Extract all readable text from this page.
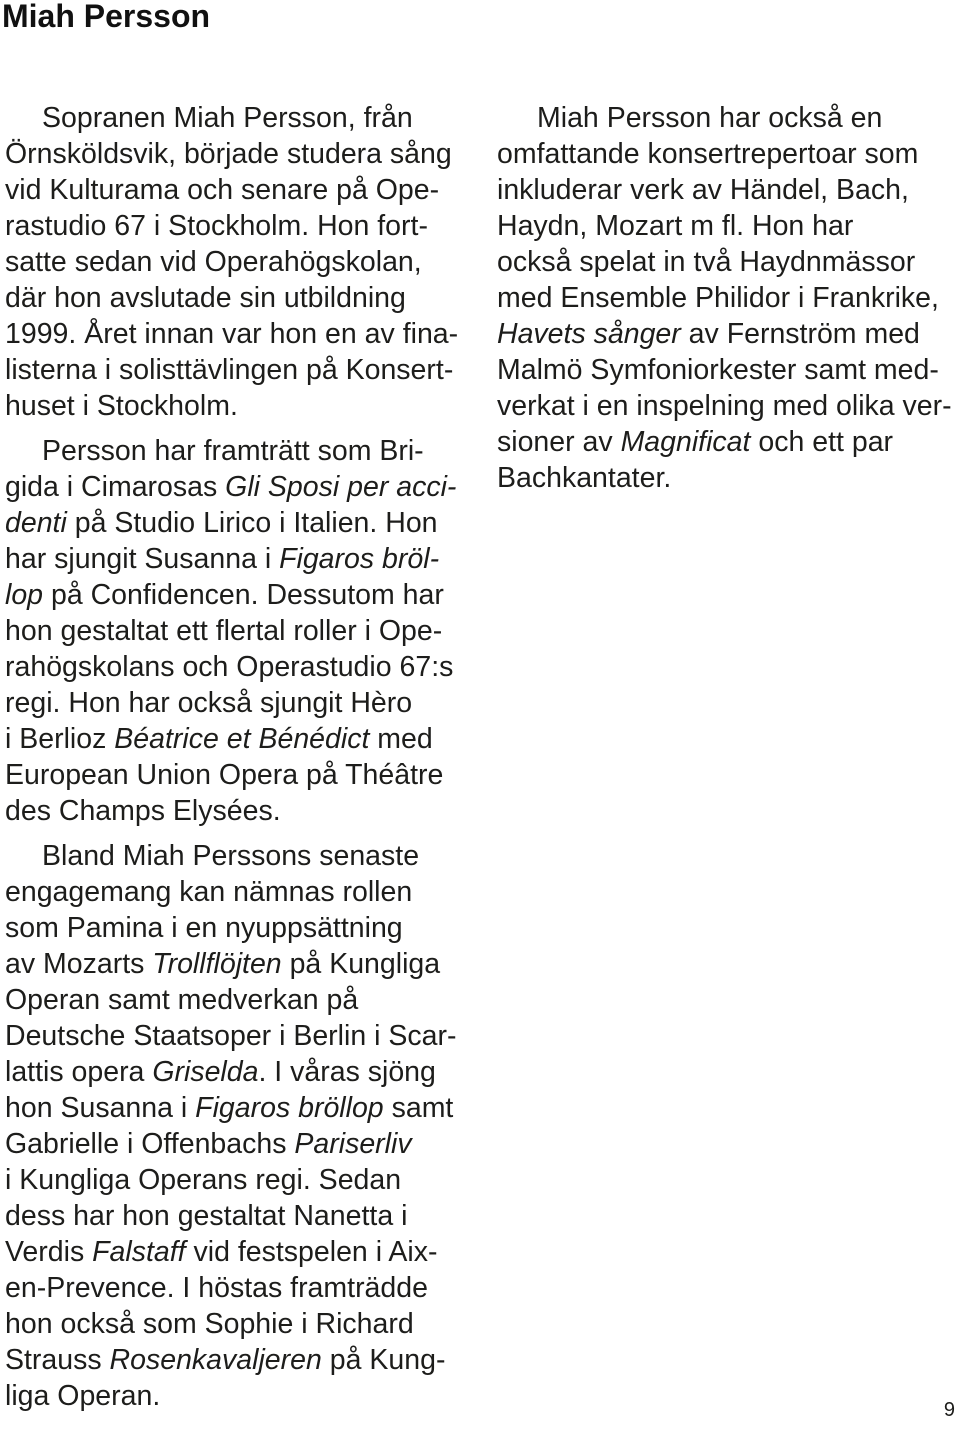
Miah Persson
Sopranen Miah Persson, från
Örnsköldsvik, började studera sång
vid Kulturama och senare på Ope-
rastudio 67 i Stockholm. Hon fort-
satte sedan vid Operahögskolan,
där hon avslutade sin utbildning
1999. Året innan var hon en av fina-
listerna i solisttävlingen på Konsert-
huset i Stockholm.
Persson har framträtt som Bri-
gida i Cimarosas Gli Sposi per acci-
denti på Studio Lirico i Italien. Hon
har sjungit Susanna i Figaros bröl-
lop på Confidencen. Dessutom har
hon gestaltat ett flertal roller i Ope-
rahögskolans och Operastudio 67:s
regi. Hon har också sjungit Hèro
i Berlioz Béatrice et Bénédict med
European Union Opera på Théâtre
des Champs Elysées.
Bland Miah Perssons senaste
engagemang kan nämnas rollen
som Pamina i en nyuppsättning
av Mozarts Trollflöjten på Kungliga
Operan samt medverkan på
Deutsche Staatsoper i Berlin i Scar-
lattis opera Griselda. I våras sjöng
hon Susanna i Figaros bröllop samt
Gabrielle i Offenbachs Pariserliv
i Kungliga Operans regi. Sedan
dess har hon gestaltat Nanetta i
Verdis Falstaff vid festspelen i Aix-
en-Prevence. I höstas framträdde
hon också som Sophie i Richard
Strauss Rosenkavaljeren på Kung-
liga Operan.
Miah Persson har också en
omfattande konsertrepertoar som
inkluderar verk av Händel, Bach,
Haydn, Mozart m fl. Hon har
också spelat in två Haydnmässor
med Ensemble Philidor i Frankrike,
Havets sånger av Fernström med
Malmö Symfoniorkester samt med-
verkat i en inspelning med olika ver-
sioner av Magnificat och ett par
Bachkantater.
9
